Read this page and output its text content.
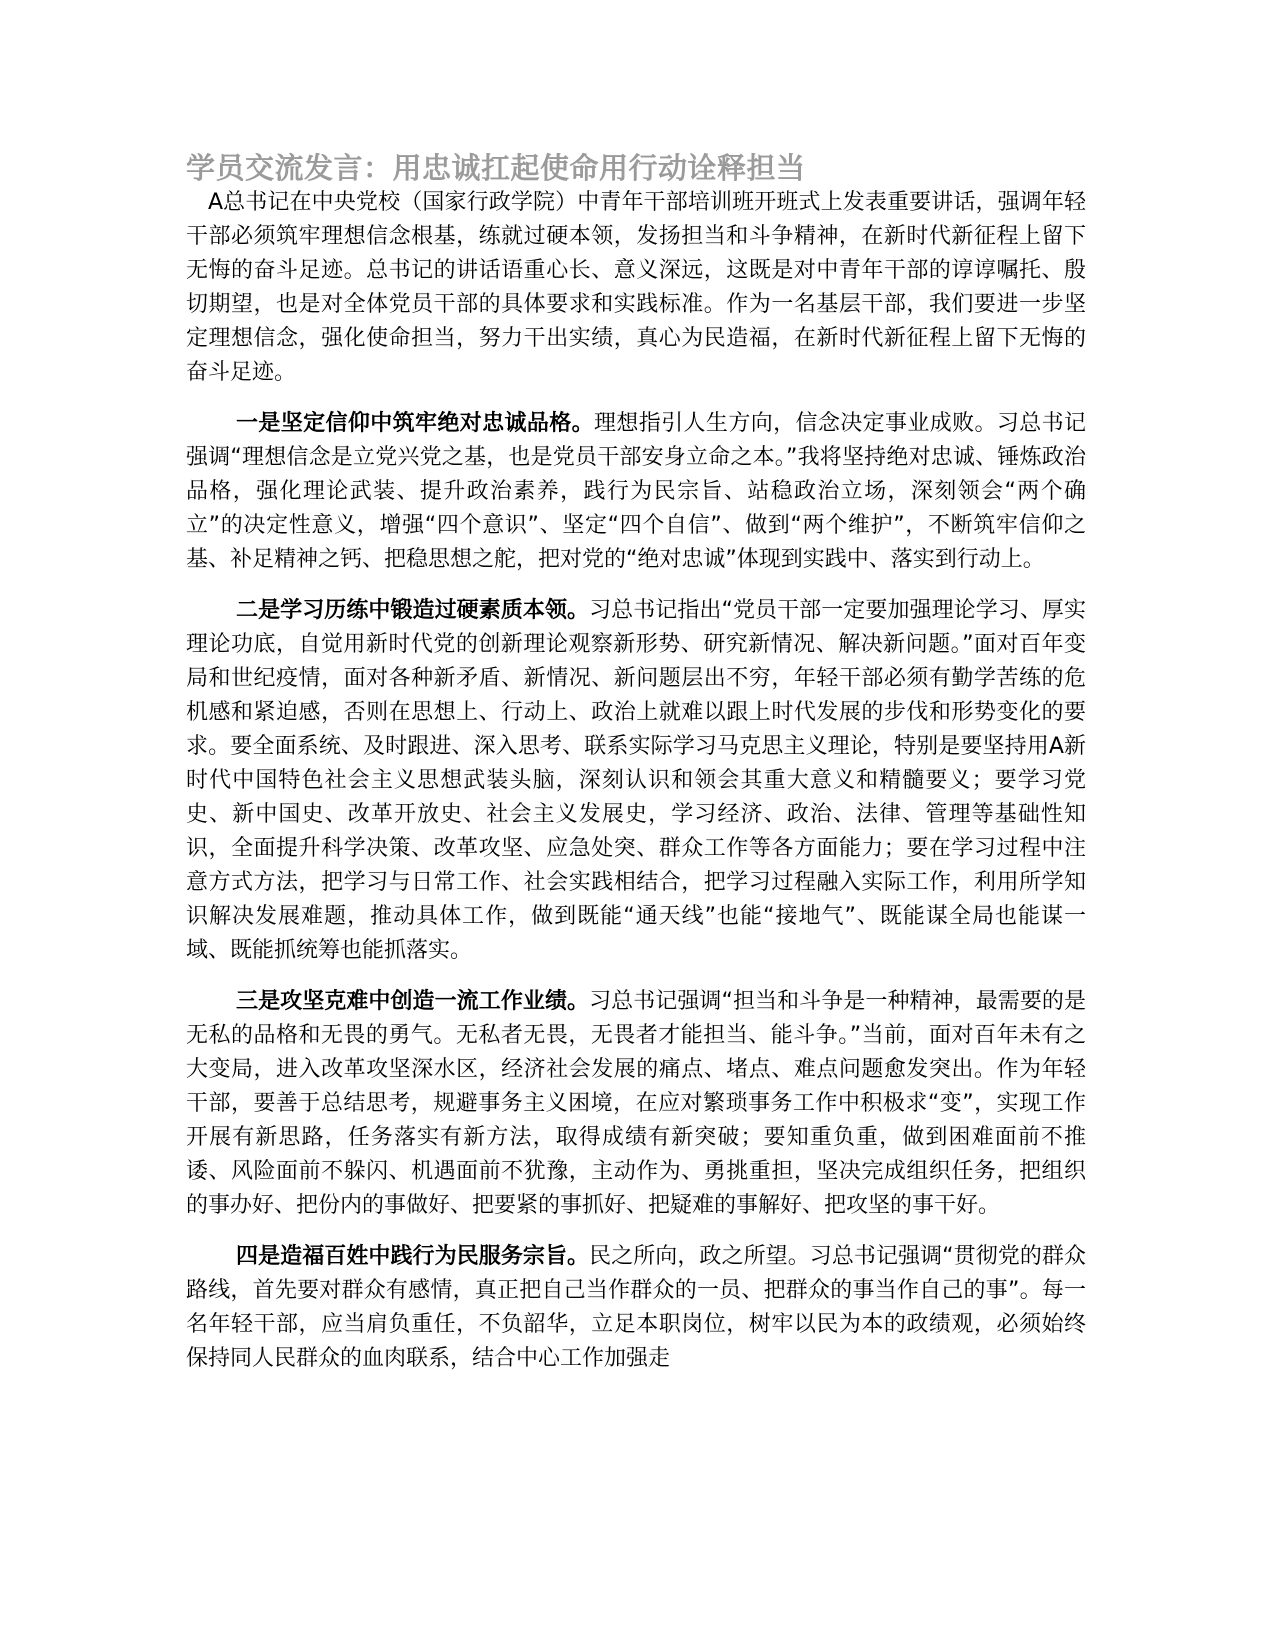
学员交流发言：用忠诚扛起使命用行动诠释担当

A总书记在中央党校（国家行政学院）中青年干部培训班开班式上发表重要讲话，强调年轻干部必须筑牢理想信念根基，练就过硬本领，发扬担当和斗争精神，在新时代新征程上留下无悔的奋斗足迹。总书记的讲话语重心长、意义深远，这既是对中青年干部的谆谆嘱托、殷切期望，也是对全体党员干部的具体要求和实践标准。作为一名基层干部，我们要进一步坚定理想信念，强化使命担当，努力干出实绩，真心为民造福，在新时代新征程上留下无悔的奋斗足迹。

一是坚定信仰中筑牢绝对忠诚品格。理想指引人生方向，信念决定事业成败。习总书记强调“理想信念是立党兴党之基，也是党员干部安身立命之本。”我将坚持绝对忠诚、锤炼政治品格，强化理论武装、提升政治素养，践行为民宗旨、站稳政治立场，深刻领会“两个确立”的决定性意义，增强“四个意识”、坚定“四个自信”、做到“两个维护”，不断筑牢信仰之基、补足精神之钙、把稳思想之舵，把对党的“绝对忠诚”体现到实践中、落实到行动上。

二是学习历练中锻造过硬素质本领。习总书记指出“党员干部一定要加强理论学习、厚实理论功底，自觉用新时代党的创新理论观察新形势、研究新情况、解决新问题。”面对百年变局和世纪疫情，面对各种新矛盾、新情况、新问题层出不穷，年轻干部必须有勤学苦练的危机感和紧迫感，否则在思想上、行动上、政治上就难以跟上时代发展的步伐和形势变化的要求。要全面系统、及时跟进、深入思考、联系实际学习马克思主义理论，特别是要坚持用A新时代中国特色社会主义思想武装头脑，深刻认识和领会其重大意义和精髓要义；要学习党史、新中国史、改革开放史、社会主义发展史，学习经济、政治、法律、管理等基础性知识，全面提升科学决策、改革攻坚、应急处突、群众工作等各方面能力；要在学习过程中注意方式方法，把学习与日常工作、社会实践相结合，把学习过程融入实际工作，利用所学知识解决发展难题，推动具体工作，做到既能“通天线”也能“接地气”、既能谋全局也能谋一域、既能抓统筹也能抓落实。

三是攻坚克难中创造一流工作业绩。习总书记强调“担当和斗争是一种精神，最需要的是无私的品格和无畏的勇气。无私者无畏，无畏者才能担当、能斗争。”当前，面对百年未有之大变局，进入改革攻坚深水区，经济社会发展的痛点、堵点、难点问题愈发突出。作为年轻干部，要善于总结思考，规避事务主义困境，在应对繁琐事务工作中积极求“变”，实现工作开展有新思路，任务落实有新方法，取得成绩有新突破；要知重负重，做到困难面前不推诿、风险面前不躲闪、机遇面前不犹豫，主动作为、勇挑重担，坚决完成组织任务，把组织的事办好、把份内的事做好、把要紧的事抓好、把疑难的事解好、把攻坚的事干好。

四是造福百姓中践行为民服务宗旨。民之所向，政之所望。习总书记强调“贯彻党的群众路线，首先要对群众有感情，真正把自己当作群众的一员、把群众的事当作自己的事”。每一名年轻干部，应当肩负重任，不负韶华，立足本职岗位，树牢以民为本的政绩观，必须始终保持同人民群众的血肉联系，结合中心工作加强走
